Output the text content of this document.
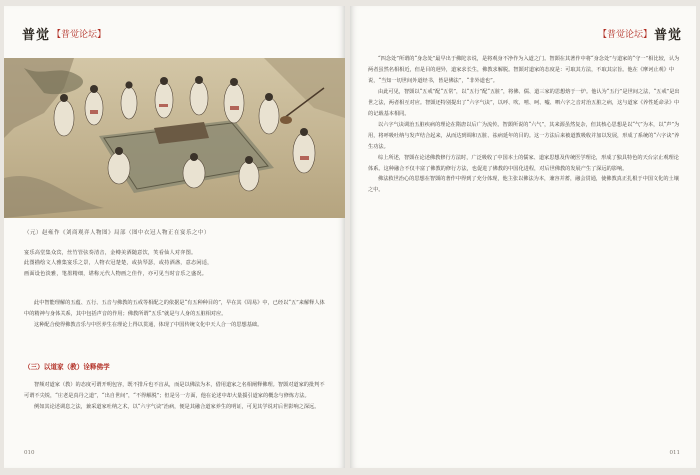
普觉 【普觉论坛】
（元）赵雍作《刘商观弈人物图》局部（图中衣冠人物正在宴乐之中）

宴乐高堂集众宾，丝竹管弦奏清音，金樽美酒随意饮，笑看仙人对弈图。

此图描绘文人雅集宴乐之景，人物衣冠楚楚，或执琴瑟，或持酒盏，意态闲适，

画面设色淡雅，笔墨精细，堪称元代人物画之佳作，亦可见当时音乐之盛况。

此中智能理解的五蕴、五行、五音与佛教的五戒等相配之的依据是“有五种种目的”，早在其《周易》中，已经以“五”来解释人体中的精神与身体关系，其中包括声音的作用；佛教所谓“五乐”就是与人身的五脏相对应。

这种配合使得佛教音乐与中医养生在理论上得以贯通，体现了中国传统文化中天人合一的思想基础。

（三）以道家（教）诠释佛学

智频对道家（教）的态度可谓开明包容，既不排斥也不盲从，而是以佛法为本，借用道家之名相阐释佛理。智顗对道家的批判不可谓不尖锐，“庄老是真丹之道”，“出自世间”，“不得解脱”；但是另一方面，他在论述中却大量援引道家的概念与修炼方法。

例如其论述调息之法，兼采道家吐纳之术，以“六字气诀”治病，便是其融合道家养生的明证，可见其学说对后世影响之深远。

010
【普觉论坛】 普觉
011

“四念处”所谓的“身念处”最早出于佛陀亲说，是将观身不净作为入道之门。智顗在其著作中将“身念处”与道家的“守一”相比较，认为两者虽然名相相近，但是目的迥异，道家求长生，佛教求解脱。智顗对道家的态度是：可取其方法，不取其宗旨。他在《摩诃止观》中说，“当知一切世间外道经书，皆是佛法”，“非外道也”。

由此可见，智顗以“五戒”配“五常”，以“五行”配“五脏”，将佛、儒、道三家的思想熔于一炉。他认为“五行”是世间之法，“五戒”是出世之法，两者相互对应。智顗还特别提出了“六字气诀”，以呼、吹、嘻、呵、嘘、呬六字之音对治五脏之病，这与道家《养性延命录》中的记载基本相同。

以六字气诀调治五脏疾病的理论在隋唐以后广为流传。智顗所说的“六气”，其来源虽然复杂，但其核心思想是以“气”为本，以“声”为用，将呼吸吐纳与发声结合起来，从而达到调和五脏、祛病延年的目的。这一方法后来被道教吸收并加以发展，形成了系统的“六字诀”养生功法。

综上所述，智顗在论述佛教修行方法时，广泛吸收了中国本土的儒家、道家思想及传统医学理论，形成了独具特色的天台宗止观理论体系。这种融合不仅丰富了佛教的修行方法，也促进了佛教的中国化进程，对后世佛教的发展产生了深远的影响。

佛法救世治心的思想在智顗的著作中得到了充分体现，他主张以佛法为本，兼容并蓄，融会贯通，使佛教真正扎根于中国文化的土壤之中。
